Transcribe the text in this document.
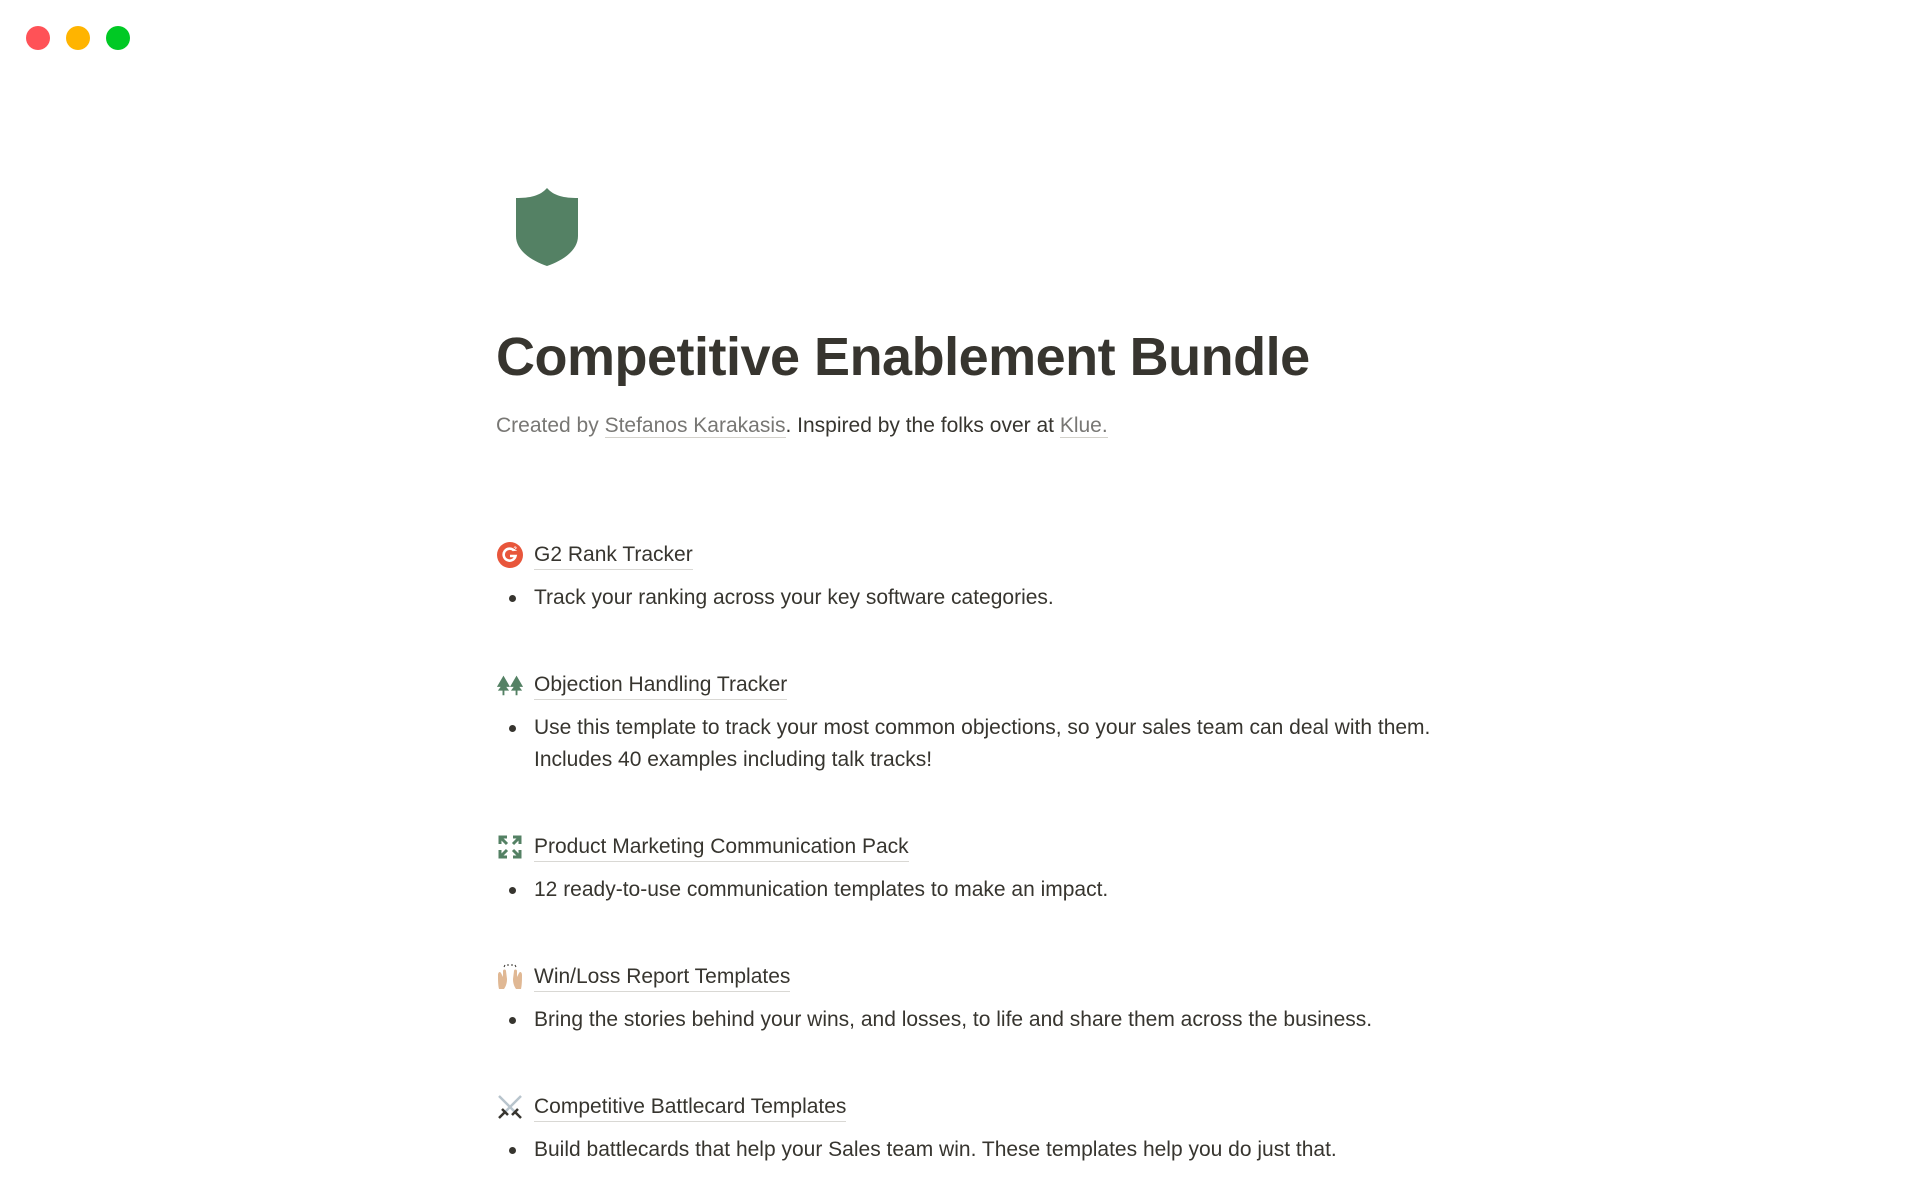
Competitive Enablement Bundle
Created by Stefanos Karakasis. Inspired by the folks over at Klue.
2 G2 Rank Tracker
Track your ranking across your key software categories.
Objection Handling Tracker
Use this template to track your most common objections, so your sales team can deal with them. Includes 40 examples including talk tracks!
Product Marketing Communication Pack
12 ready-to-use communication templates to make an impact.
Win/Loss Report Templates
Bring the stories behind your wins, and losses, to life and share them across the business.
Competitive Battlecard Templates
Build battlecards that help your Sales team win. These templates help you do just that.
